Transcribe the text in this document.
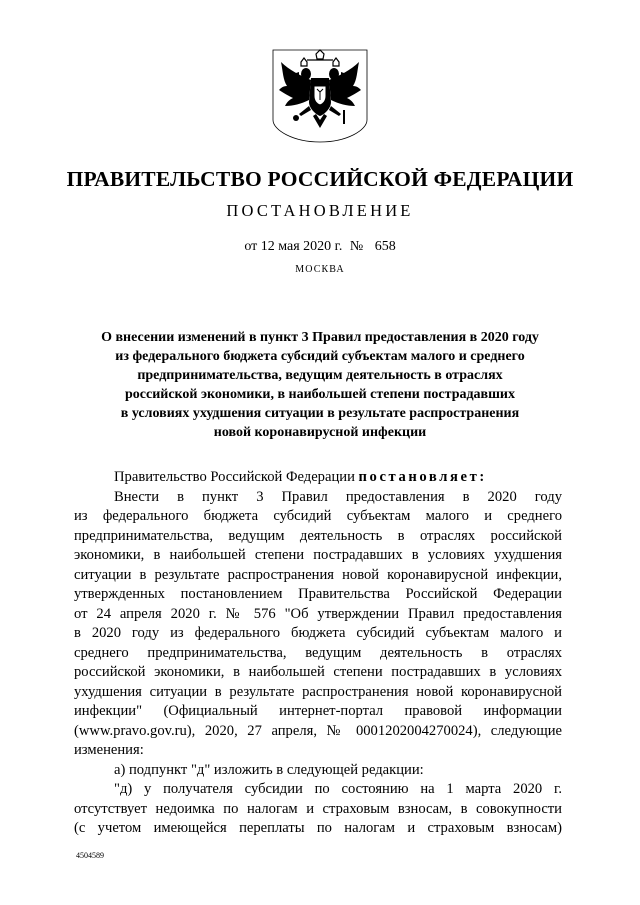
ПРАВИТЕЛЬСТВО РОССИЙСКОЙ ФЕДЕРАЦИИ
ПОСТАНОВЛЕНИЕ
от 12 мая 2020 г. № 658
МОСКВА
О внесении изменений в пункт 3 Правил предоставления в 2020 году
из федерального бюджета субсидий субъектам малого и среднего
предпринимательства, ведущим деятельность в отраслях
российской экономики, в наибольшей степени пострадавших
в условиях ухудшения ситуации в результате распространения
новой коронавирусной инфекции
Правительство Российской Федерации постановляет:
Внести в пункт 3 Правил предоставления в 2020 году
из федерального бюджета субсидий субъектам малого и среднего
предпринимательства, ведущим деятельность в отраслях российской
экономики, в наибольшей степени пострадавших в условиях ухудшения
ситуации в результате распространения новой коронавирусной инфекции,
утвержденных постановлением Правительства Российской Федерации
от 24 апреля 2020 г. № 576 "Об утверждении Правил предоставления
в 2020 году из федерального бюджета субсидий субъектам малого и
среднего предпринимательства, ведущим деятельность в отраслях
российской экономики, в наибольшей степени пострадавших в условиях
ухудшения ситуации в результате распространения новой коронавирусной
инфекции" (Официальный интернет-портал правовой информации
(www.pravo.gov.ru), 2020, 27 апреля, № 0001202004270024), следующие
изменения:
а) подпункт "д" изложить в следующей редакции:
"д) у получателя субсидии по состоянию на 1 марта 2020 г.
отсутствует недоимка по налогам и страховым взносам, в совокупности
(с учетом имеющейся переплаты по налогам и страховым взносам)
4504589
